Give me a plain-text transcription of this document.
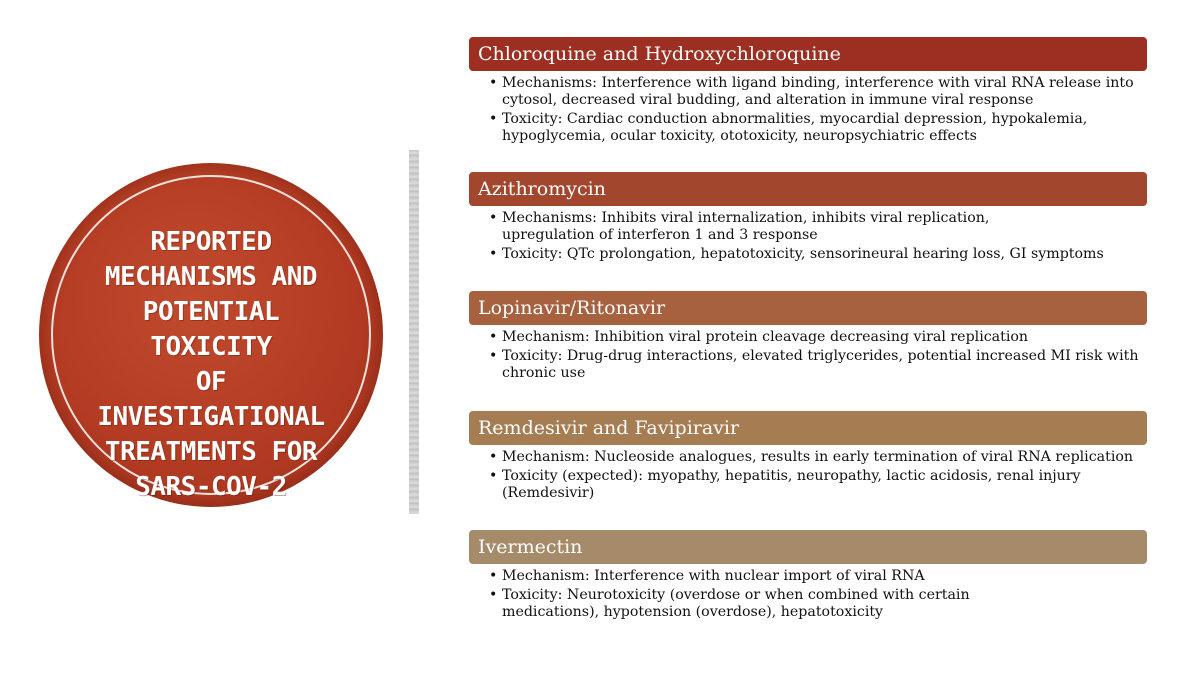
REPORTED
MECHANISMS AND
POTENTIAL TOXICITY
OF INVESTIGATIONAL
TREATMENTS FOR
SARS-COV-2
Chloroquine and Hydroxychloroquine
• Mechanisms: Interference with ligand binding, interference with viral RNA release into
cytosol, decreased viral budding, and alteration in immune viral response
• Toxicity: Cardiac conduction abnormalities, myocardial depression, hypokalemia,
hypoglycemia, ocular toxicity, ototoxicity, neuropsychiatric effects
Azithromycin
• Mechanisms: Inhibits viral internalization, inhibits viral replication,
upregulation of interferon 1 and 3 response
• Toxicity: QTc prolongation, hepatotoxicity, sensorineural hearing loss, GI symptoms
Lopinavir/Ritonavir
• Mechanism: Inhibition viral protein cleavage decreasing viral replication
• Toxicity: Drug-drug interactions, elevated triglycerides, potential increased MI risk with
chronic use
Remdesivir and Favipiravir
• Mechanism: Nucleoside analogues, results in early termination of viral RNA replication
• Toxicity (expected): myopathy, hepatitis, neuropathy, lactic acidosis, renal injury
(Remdesivir)
Ivermectin
• Mechanism: Interference with nuclear import of viral RNA
• Toxicity: Neurotoxicity (overdose or when combined with certain
medications), hypotension (overdose), hepatotoxicity
